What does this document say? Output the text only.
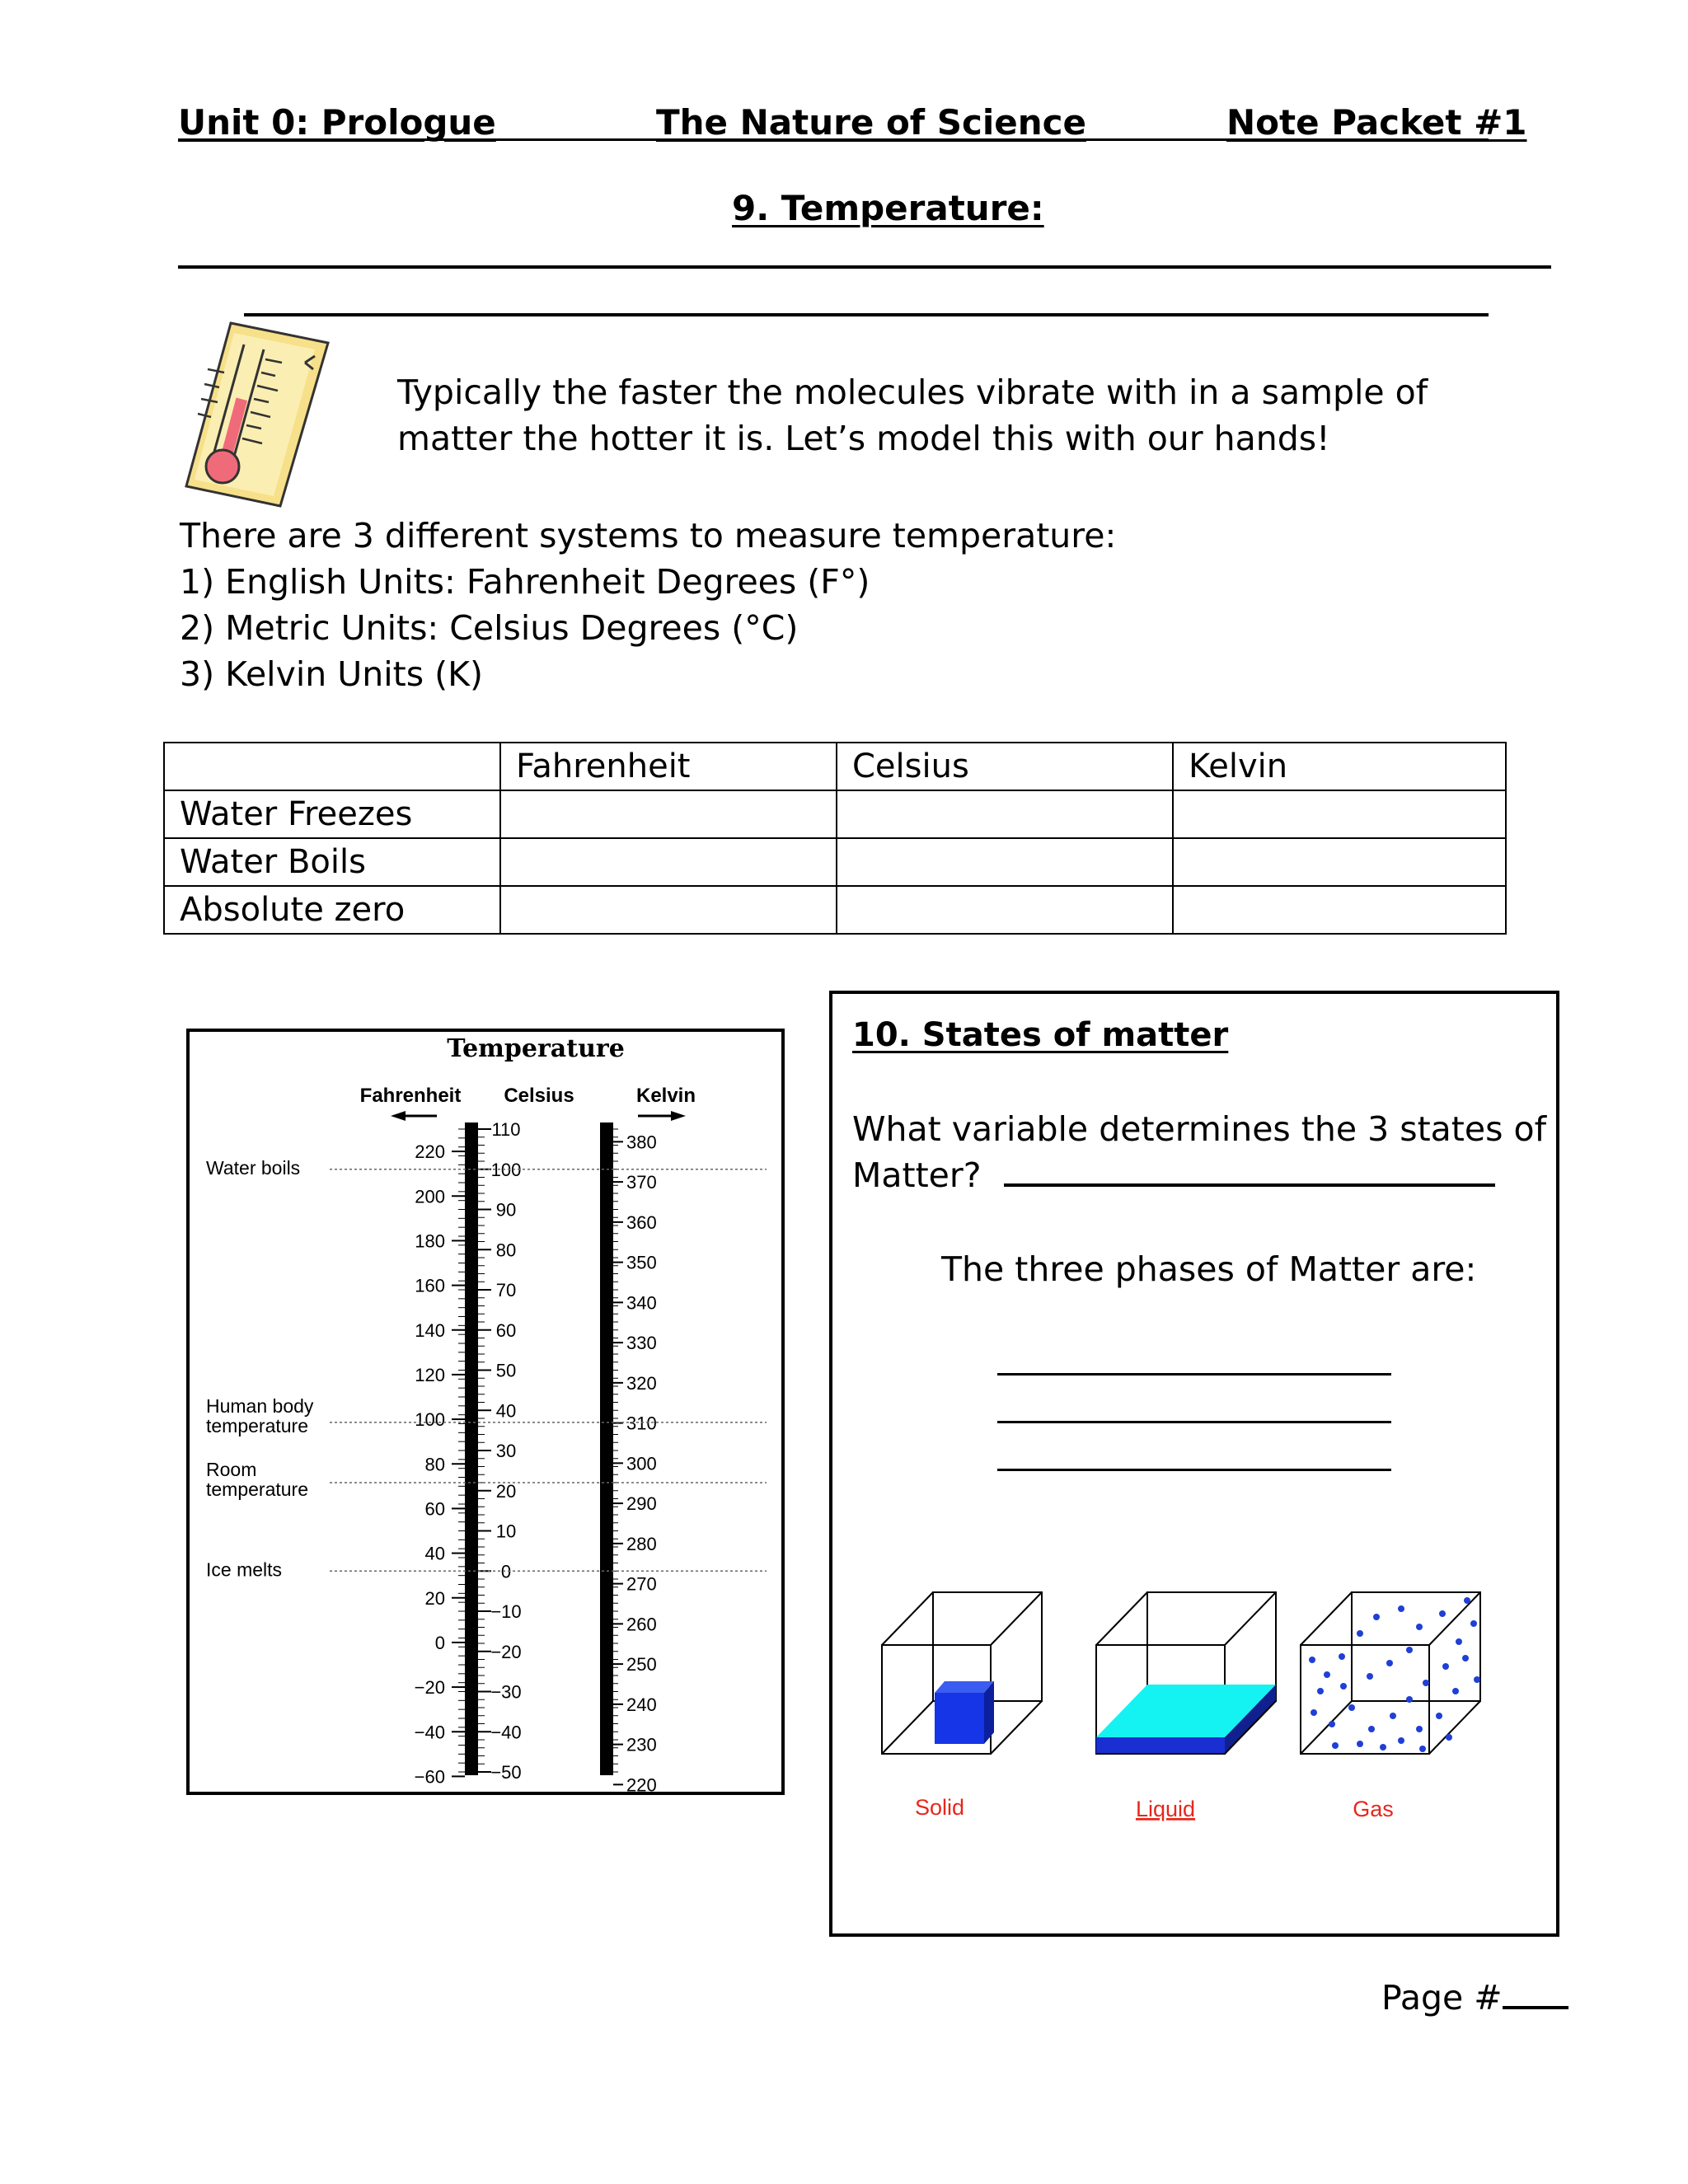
Unit 0: Prologue	The Nature of Science	Note Packet #1
9. Temperature:
Typically the faster the molecules vibrate with in a sample of
matter the hotter it is. Let’s model this with our hands!
There are 3 different systems to measure temperature:
1) English Units: Fahrenheit Degrees (F°)
2) Metric Units: Celsius Degrees (°C)
3) Kelvin Units (K)
	Fahrenheit	Celsius	Kelvin
Water Freezes			
Water Boils			
Absolute zero			
Temperature
Fahrenheit Celsius	Kelvin
110
100
90
80
70
60
50
40
30
20
10
0
−10
−20
−30
−40
−50
380
370
360
350
340
330
320
310
300
290
280
270
260
250
240
230
220
220
200
180
160
140
120
100
80
60
40
20
0
−20
−40
−60
Water boils
Human body
temperature
Room
temperature
Ice melts
10. States of matter
What variable determines the 3 states of
Matter?
The three phases of Matter are:
Solid	Liquid	Gas
Page #
